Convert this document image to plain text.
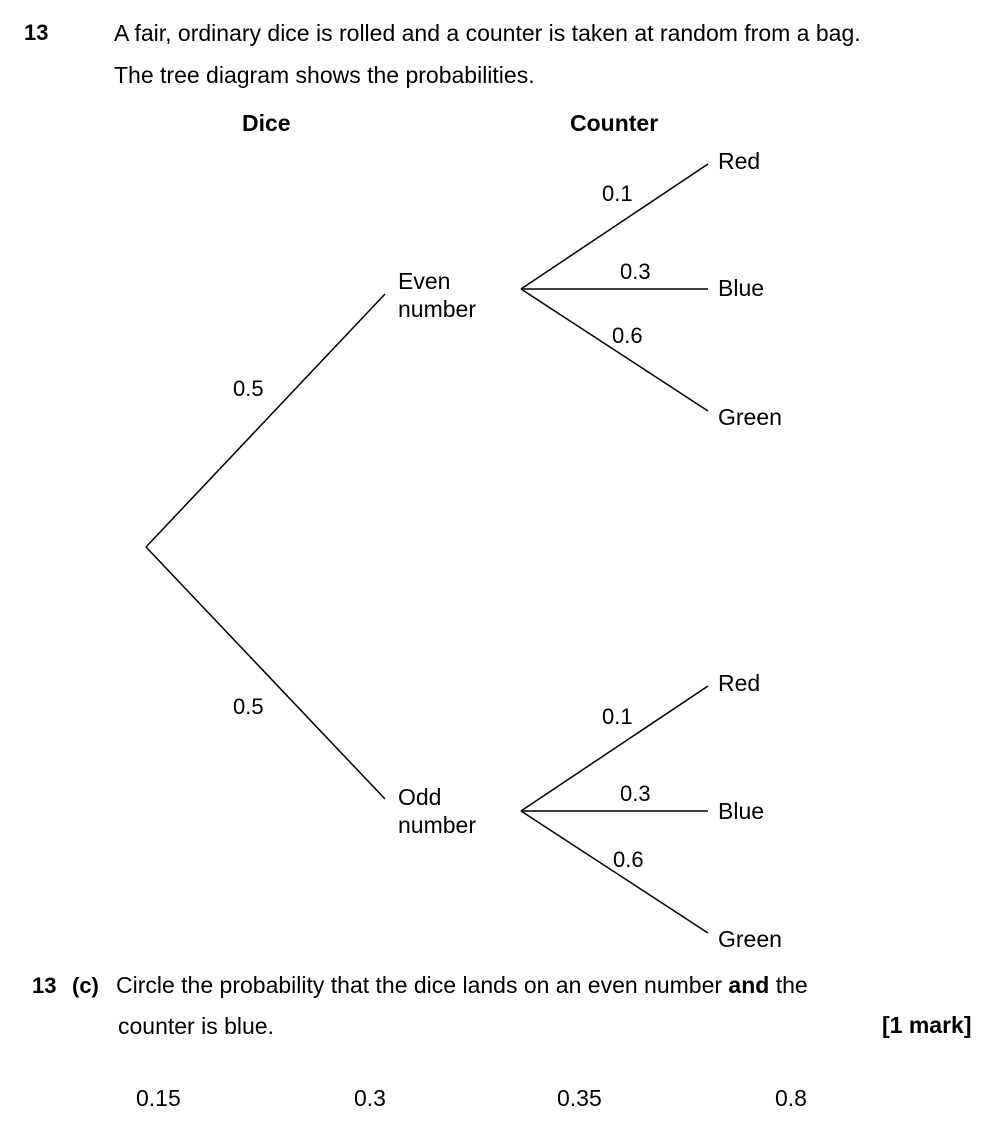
13	A fair, ordinary dice is rolled and a counter is taken at random from a bag.
The tree diagram shows the probabilities.
Dice	Counter
Even
number
Odd
number
0.5
0.5
Red
Blue
Green
0.1
0.3
0.6
Red
Blue
Green
0.1
0.3
0.6
13 (c) Circle the probability that the dice lands on an even number and the
counter is blue.	[1 mark]
0.15	0.3	0.35	0.8
